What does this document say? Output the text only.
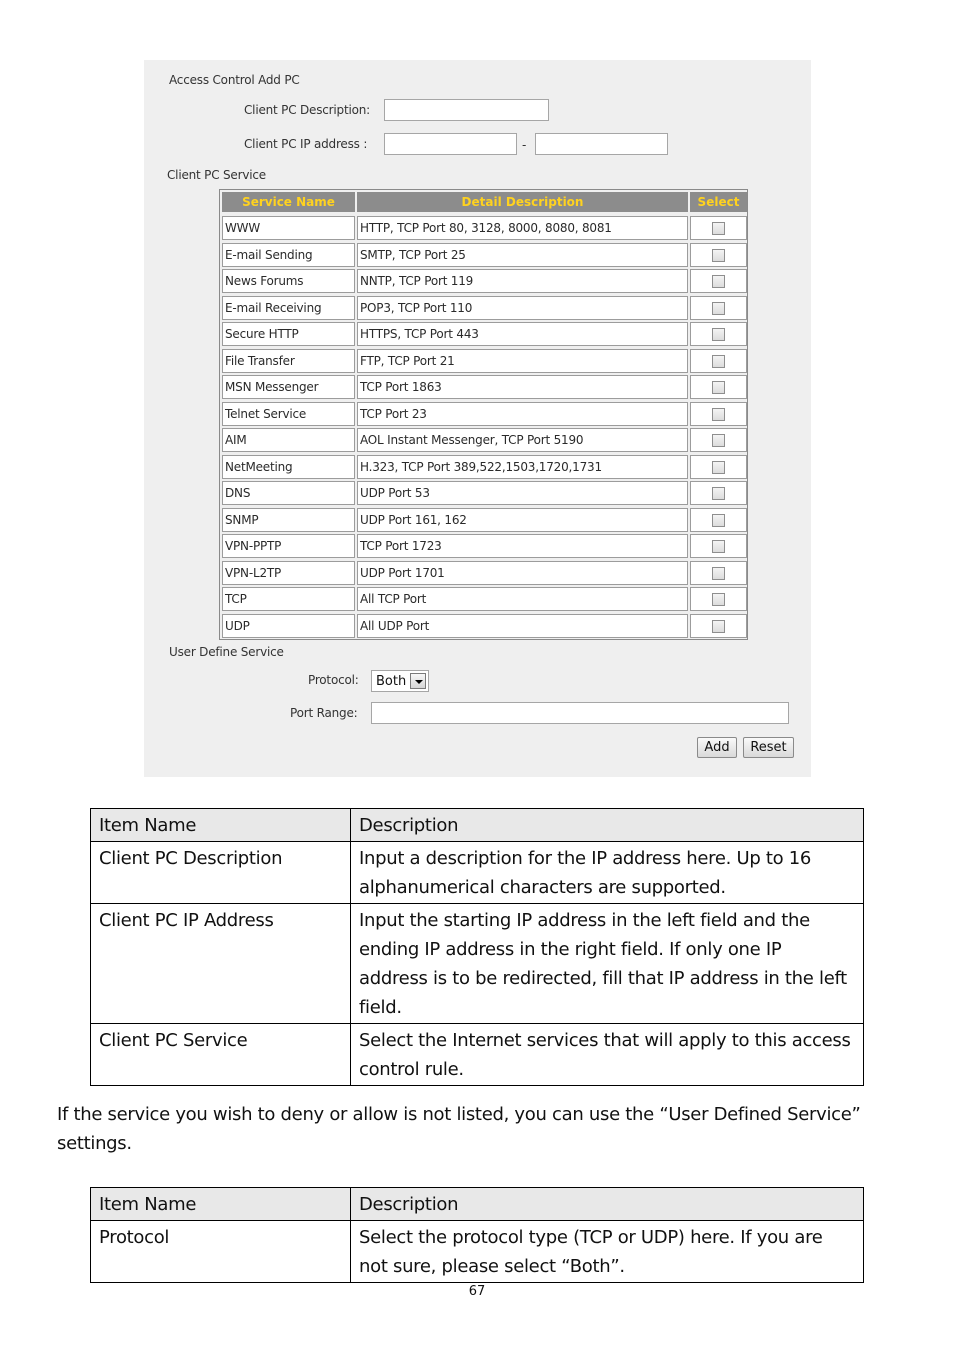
Access Control Add PC
Client PC Description:
Client PC IP address :	-
Client PC Service
Service Name	Detail Description	Select
WWW	HTTP, TCP Port 80, 3128, 8000, 8080, 8081
E-mail Sending	SMTP, TCP Port 25
News Forums	NNTP, TCP Port 119
E-mail Receiving	POP3, TCP Port 110
Secure HTTP	HTTPS, TCP Port 443
File Transfer	FTP, TCP Port 21
MSN Messenger	TCP Port 1863
Telnet Service	TCP Port 23
AIM	AOL Instant Messenger, TCP Port 5190
NetMeeting	H.323, TCP Port 389,522,1503,1720,1731
DNS	UDP Port 53
SNMP	UDP Port 161, 162
VPN-PPTP	TCP Port 1723
VPN-L2TP	UDP Port 1701
TCP	All TCP Port
UDP	All UDP Port
User Define Service
Protocol: Both
Port Range:
Add	Reset
Item Name	Description
Client PC Description	Input a description for the IP address here. Up to 16 alphanumerical characters are supported.
Client PC IP Address	Input the starting IP address in the left field and the ending IP address in the right field. If only one IP address is to be redirected, fill that IP address in the left field.
Client PC Service	Select the Internet services that will apply to this access control rule.
If the service you wish to deny or allow is not listed, you can use the “User Defined Service” settings.
Item Name	Description
Protocol	Select the protocol type (TCP or UDP) here. If you are not sure, please select “Both”.
67
